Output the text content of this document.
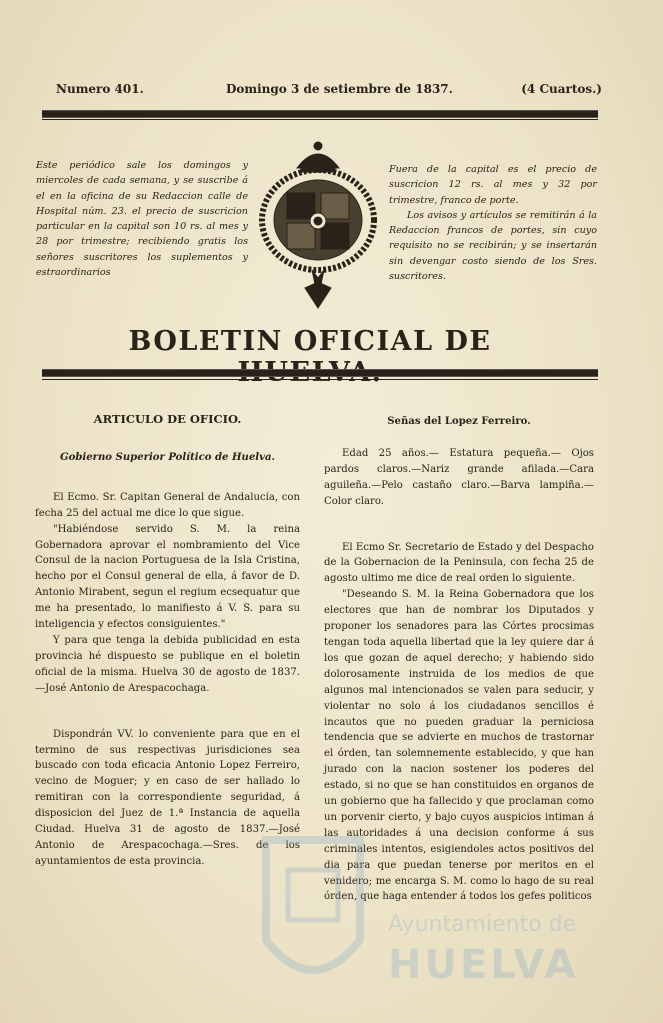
Numero 401.	Domingo 3 de setiembre de 1837.	(4 Cuartos.)
Este periódico sale los domingos y miercoles de cada semana, y se suscribe á el en la oficina de su Redaccion calle de Hospital núm. 23. el precio de suscricion particular en la capital son 10 rs. al mes y 28 por trimestre; recibiendo gratis los señores suscritores los suplementos y estraordinarios
Fuera de la capital es el precio de suscricion 12 rs. al mes y 32 por trimestre, franco de porte.
Los avisos y artículos se remitirán á la Redaccion francos de portes, sin cuyo requisito no se recibirán; y se insertarán sin devengar costo siendo de los Sres. suscritores.
BOLETIN OFICIAL DE

ARTICULO DE OFICIO.

Gobierno Superior Político de Huelva.

El Ecmo. Sr. Capitan General de Andalucía, con fecha 25 del actual me dice lo que sigue.

"Habiéndose servido S. M. la reina Gobernadora aprovar el nombramiento del Vice Consul de la nacion Portuguesa de la Isla Cristina, hecho por el Consul general de ella, á favor de D. Antonio Mirabent, segun el regium ecsequatur que me ha presentado, lo manifiesto á V. S. para su inteligencia y efectos consiguientes."

Y para que tenga la debida publicidad en esta provincia hé dispuesto se publique en el boletin oficial de la misma. Huelva 30 de agosto de 1837. —José Antonio de Arespacochaga.

Dispondrán VV. lo conveniente para que en el termino de sus respectivas jurisdiciones sea buscado con toda eficacia Antonio Lopez Ferreiro, vecino de Moguer; y en caso de ser hallado lo remitiran con la correspondiente seguridad, á disposicion del Juez de 1.ª Instancia de aquella Ciudad. Huelva 31 de agosto de 1837.—José Antonio de Arespacochaga.—Sres. de los ayuntamientos de esta provincia.

Señas del Lopez Ferreiro.

Edad 25 años.— Estatura pequeña.— Ojos pardos claros.—Nariz grande afilada.—Cara aguileña.—Pelo castaño claro.—Barva lampiña.—Color claro.

El Ecmo Sr. Secretario de Estado y del Despacho de la Gobernacion de la Peninsula, con fecha 25 de agosto ultimo me dice de real orden lo siguiente.

"Deseando S. M. la Reina Gobernadora que los electores que han de nombrar los Diputados y proponer los senadores para las Córtes procsimas tengan toda aquella libertad que la ley quiere dar á los que gozan de aquel derecho; y habiendo sido dolorosamente instruida de los medios de que algunos mal intencionados se valen para seducir, y violentar no solo á los ciudadanos sencillos é incautos que no pueden graduar la perniciosa tendencia que se advierte en muchos de trastornar el órden, tan solemnemente establecido, y que han jurado con la nacion sostener los poderes del estado, si no que se han constituidos en organos de un gobierno que ha fallecido y que proclaman como un porvenir cierto, y bajo cuyos auspicios intiman á las autoridades á una decision conforme á sus criminales intentos, esigiendoles actos positivos del dia para que puedan tenerse por meritos en el venidero; me encarga S. M. como lo hago de su real órden, que haga entender á todos los gefes politicos

Ayuntamiento de
HUELVA
